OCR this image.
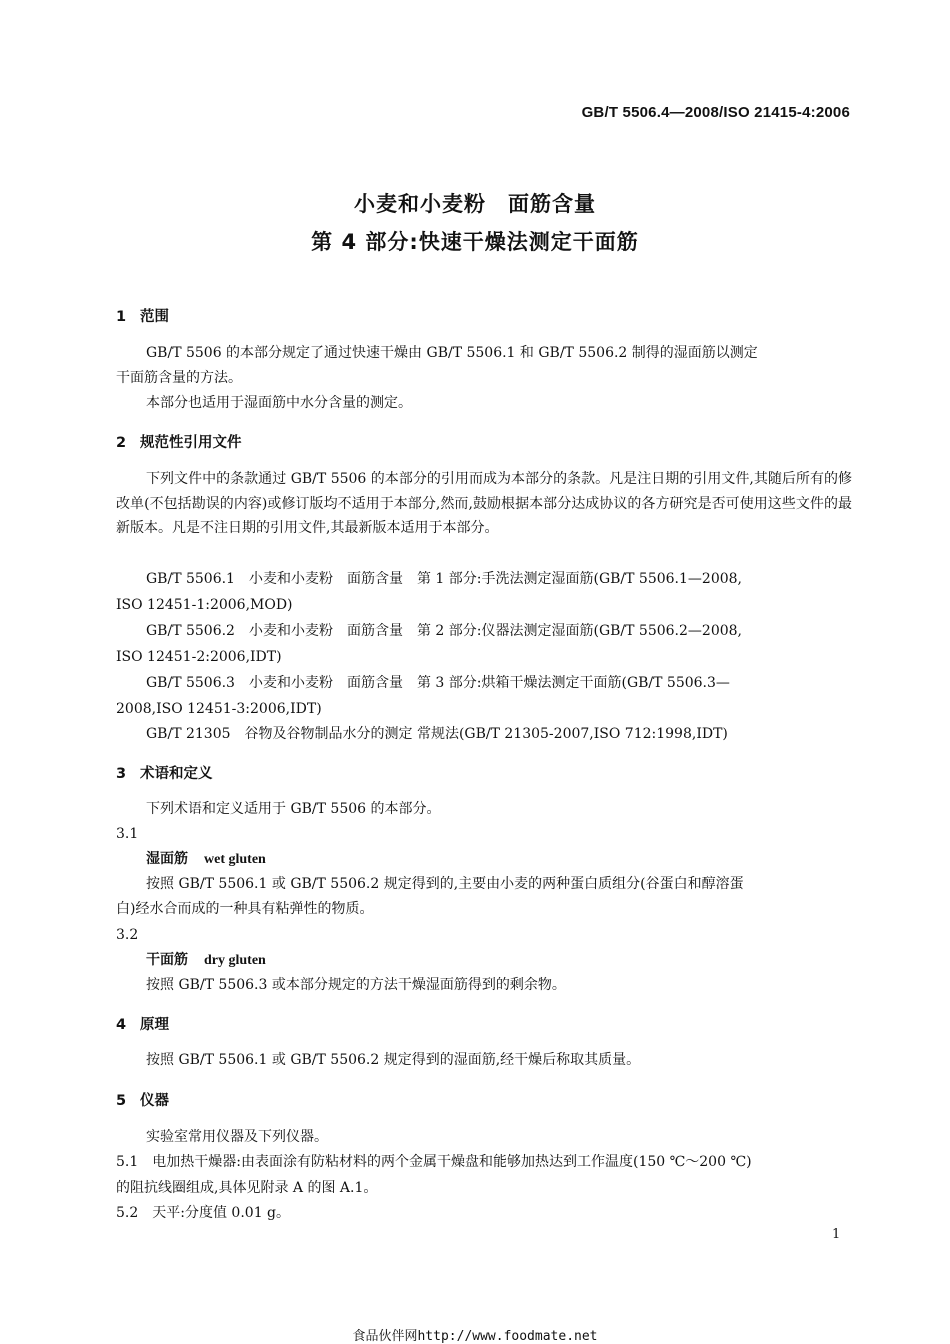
GB/T 5506.4—2008/ISO 21415-4:2006
小麦和小麦粉　面筋含量
第 4 部分:快速干燥法测定干面筋
1 范围
GB/T 5506 的本部分规定了通过快速干燥由 GB/T 5506.1 和 GB/T 5506.2 制得的湿面筋以测定
干面筋含量的方法。
本部分也适用于湿面筋中水分含量的测定。
2 规范性引用文件
下列文件中的条款通过 GB/T 5506 的本部分的引用而成为本部分的条款。凡是注日期的引用文件,其随后所有的修改单(不包括勘误的内容)或修订版均不适用于本部分,然而,鼓励根据本部分达成协议的各方研究是否可使用这些文件的最新版本。凡是不注日期的引用文件,其最新版本适用于本部分。
GB/T 5506.1　小麦和小麦粉　面筋含量　第 1 部分:手洗法测定湿面筋(GB/T 5506.1—2008,
ISO 12451-1:2006,MOD)
GB/T 5506.2　小麦和小麦粉　面筋含量　第 2 部分:仪器法测定湿面筋(GB/T 5506.2—2008,
ISO 12451-2:2006,IDT)
GB/T 5506.3　小麦和小麦粉　面筋含量　第 3 部分:烘箱干燥法测定干面筋(GB/T 5506.3—
2008,ISO 12451-3:2006,IDT)
GB/T 21305　谷物及谷物制品水分的测定 常规法(GB/T 21305-2007,ISO 712:1998,IDT)
3 术语和定义
下列术语和定义适用于 GB/T 5506 的本部分。
3.1
湿面筋 wet gluten
按照 GB/T 5506.1 或 GB/T 5506.2 规定得到的,主要由小麦的两种蛋白质组分(谷蛋白和醇溶蛋
白)经水合而成的一种具有粘弹性的物质。
3.2
干面筋 dry gluten
按照 GB/T 5506.3 或本部分规定的方法干燥湿面筋得到的剩余物。
4 原理
按照 GB/T 5506.1 或 GB/T 5506.2 规定得到的湿面筋,经干燥后称取其质量。
5 仪器
实验室常用仪器及下列仪器。
5.1　电加热干燥器:由表面涂有防粘材料的两个金属干燥盘和能够加热达到工作温度(150 ℃～200 ℃)
的阻抗线圈组成,具体见附录 A 的图 A.1。
5.2　天平:分度值 0.01 g。
1
食品伙伴网http://www.foodmate.net
